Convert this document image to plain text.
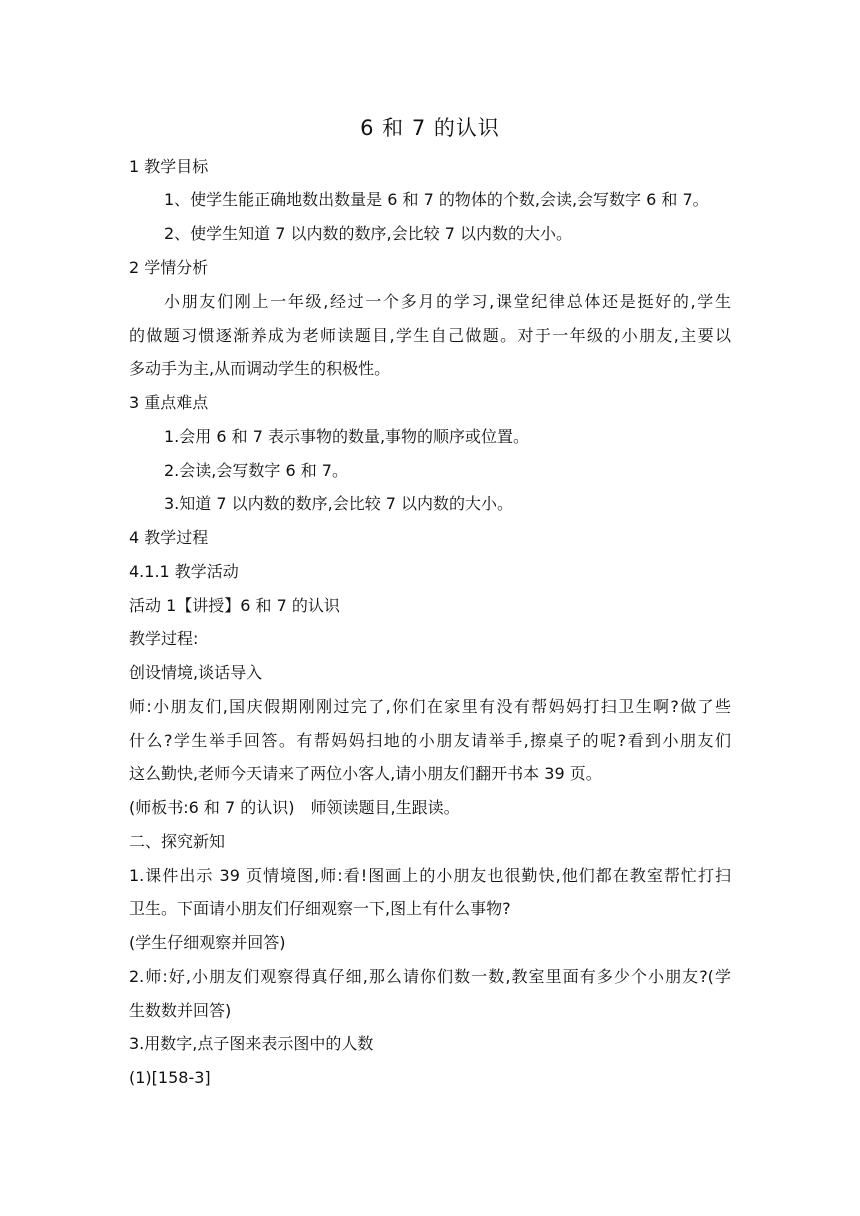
6 和 7 的认识
1 教学目标
1、使学生能正确地数出数量是 6 和 7 的物体的个数,会读,会写数字 6 和 7。
2、使学生知道 7 以内数的数序,会比较 7 以内数的大小。
2 学情分析
小朋友们刚上一年级,经过一个多月的学习,课堂纪律总体还是挺好的,学生
的做题习惯逐渐养成为老师读题目,学生自己做题。对于一年级的小朋友,主要以
多动手为主,从而调动学生的积极性。
3 重点难点
1.会用 6 和 7 表示事物的数量,事物的顺序或位置。
2.会读,会写数字 6 和 7。
3.知道 7 以内数的数序,会比较 7 以内数的大小。
4 教学过程
4.1.1 教学活动
活动 1【讲授】6 和 7 的认识
教学过程:
创设情境,谈话导入
师:小朋友们,国庆假期刚刚过完了,你们在家里有没有帮妈妈打扫卫生啊?做了些
什么?学生举手回答。有帮妈妈扫地的小朋友请举手,擦桌子的呢?看到小朋友们
这么勤快,老师今天请来了两位小客人,请小朋友们翻开书本 39 页。
(师板书:6 和 7 的认识)　师领读题目,生跟读。
二、探究新知
1.课件出示 39 页情境图,师:看!图画上的小朋友也很勤快,他们都在教室帮忙打扫
卫生。下面请小朋友们仔细观察一下,图上有什么事物?
(学生仔细观察并回答)
2.师:好,小朋友们观察得真仔细,那么请你们数一数,教室里面有多少个小朋友?(学
生数数并回答)
3.用数字,点子图来表示图中的人数
(1)[158-3]
